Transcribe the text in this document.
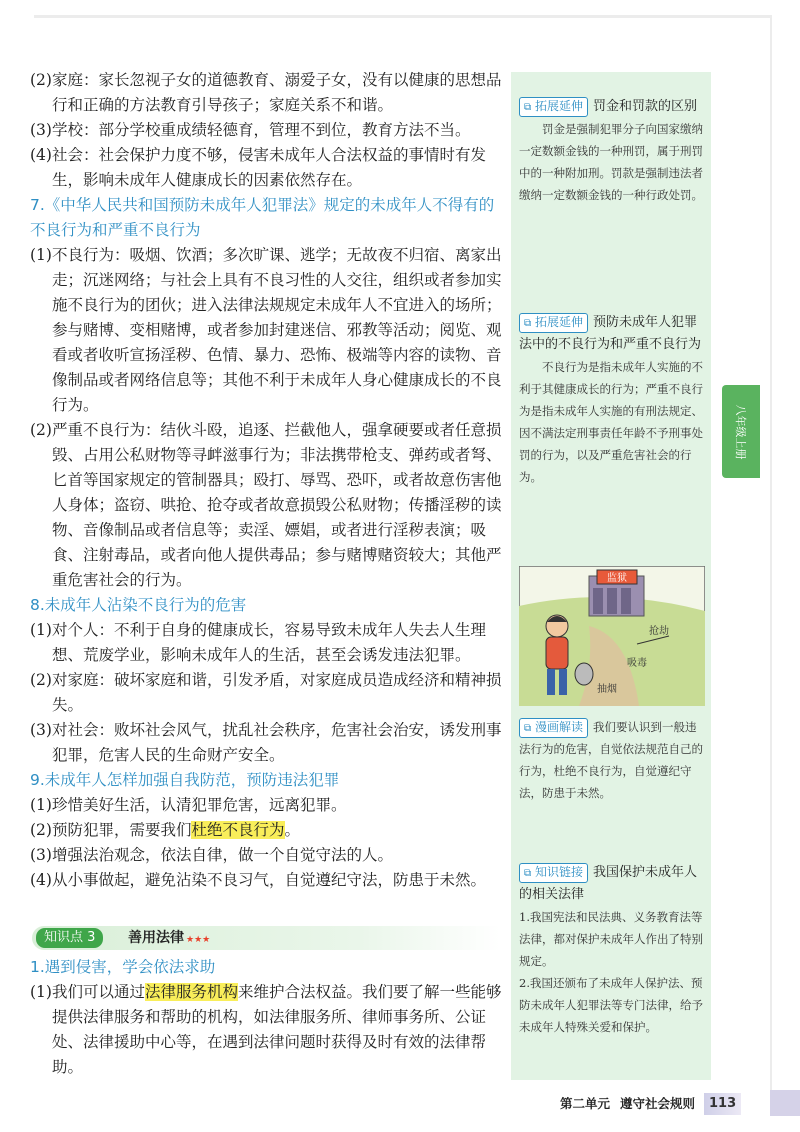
(2) 家庭：家长忽视子女的道德教育、溺爱子女，没有以健康的思想品行和正确的方法教育引导孩子；家庭关系不和谐。
(3) 学校：部分学校重成绩轻德育，管理不到位，教育方法不当。
(4) 社会：社会保护力度不够，侵害未成年人合法权益的事情时有发生，影响未成年人健康成长的因素依然存在。

7.《中华人民共和国预防未成年人犯罪法》规定的未成年人不得有的不良行为和严重不良行为

(1) 不良行为：吸烟、饮酒；多次旷课、逃学；无故夜不归宿、离家出走；沉迷网络；与社会上具有不良习性的人交往，组织或者参加实施不良行为的团伙；进入法律法规规定未成年人不宜进入的场所；参与赌博、变相赌博，或者参加封建迷信、邪教等活动；阅览、观看或者收听宣扬淫秽、色情、暴力、恐怖、极端等内容的读物、音像制品或者网络信息等；其他不利于未成年人身心健康成长的不良行为。
(2) 严重不良行为：结伙斗殴，追逐、拦截他人，强拿硬要或者任意损毁、占用公私财物等寻衅滋事行为；非法携带枪支、弹药或者弩、匕首等国家规定的管制器具；殴打、辱骂、恐吓，或者故意伤害他人身体；盗窃、哄抢、抢夺或者故意损毁公私财物；传播淫秽的读物、音像制品或者信息等；卖淫、嫖娼，或者进行淫秽表演；吸食、注射毒品，或者向他人提供毒品；参与赌博赌资较大；其他严重危害社会的行为。

8.未成年人沾染不良行为的危害

(1) 对个人：不利于自身的健康成长，容易导致未成年人失去人生理想、荒废学业，影响未成年人的生活，甚至会诱发违法犯罪。
(2) 对家庭：破坏家庭和谐，引发矛盾，对家庭成员造成经济和精神损失。
(3) 对社会：败坏社会风气，扰乱社会秩序，危害社会治安，诱发刑事犯罪，危害人民的生命财产安全。

9.未成年人怎样加强自我防范，预防违法犯罪

(1) 珍惜美好生活，认清犯罪危害，远离犯罪。
(2) 预防犯罪，需要我们杜绝不良行为。
(3) 增强法治观念，依法自律，做一个自觉守法的人。
(4) 从小事做起，避免沾染不良习气，自觉遵纪守法，防患于未然。
知识点 3	善用法律 ★★★

1.遇到侵害，学会依法求助

(1) 我们可以通过法律服务机构来维护合法权益。我们要了解一些能够提供法律服务和帮助的机构，如法律服务所、律师事务所、公证处、法律援助中心等，在遇到法律问题时获得及时有效的法律帮助。
⧉ 拓展延伸 罚金和罚款的区别

罚金是强制犯罪分子向国家缴纳一定数额金钱的一种刑罚，属于刑罚中的一种附加刑。罚款是强制违法者缴纳一定数额金钱的一种行政处罚。

⧉ 拓展延伸 预防未成年人犯罪法中的不良行为和严重不良行为

不良行为是指未成年人实施的不利于其健康成长的行为；严重不良行为是指未成年人实施的有刑法规定、因不满法定刑事责任年龄不予刑事处罚的行为，以及严重危害社会的行为。

监狱
抢劫
吸毒
抽烟
⧉ 漫画解读 我们要认识到一般违法行为的危害，自觉依法规范自己的行为，杜绝不良行为，自觉遵纪守法，防患于未然。
⧉ 知识链接 我国保护未成年人的相关法律

1.我国宪法和民法典、义务教育法等法律，都对保护未成年人作出了特别规定。

2.我国还颁布了未成年人保护法、预防未成年人犯罪法等专门法律，给予未成年人特殊关爱和保护。

八年级上册
第二单元 遵守社会规则	113
